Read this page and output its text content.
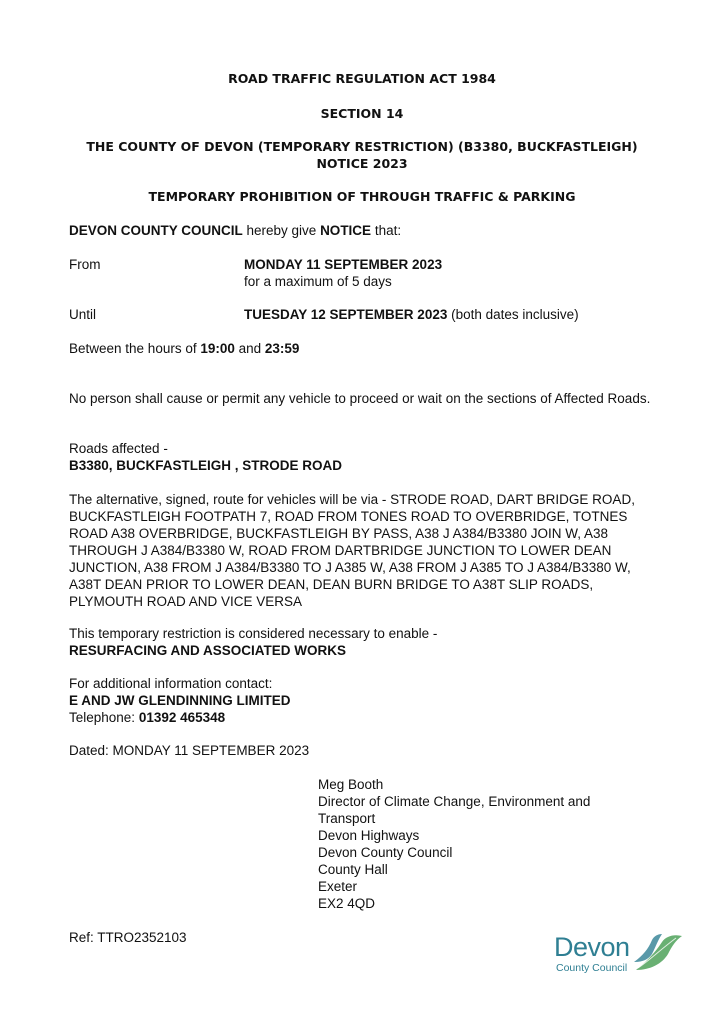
ROAD TRAFFIC REGULATION ACT 1984
SECTION 14
THE COUNTY OF DEVON (TEMPORARY RESTRICTION) (B3380, BUCKFASTLEIGH)
NOTICE 2023
TEMPORARY PROHIBITION OF THROUGH TRAFFIC & PARKING
DEVON COUNTY COUNCIL hereby give NOTICE that:
From	MONDAY 11 SEPTEMBER 2023
for a maximum of 5 days
Until	TUESDAY 12 SEPTEMBER 2023 (both dates inclusive)
Between the hours of 19:00 and 23:59
No person shall cause or permit any vehicle to proceed or wait on the sections of Affected Roads.
Roads affected -
B3380, BUCKFASTLEIGH , STRODE ROAD
The alternative, signed, route for vehicles will be via - STRODE ROAD, DART BRIDGE ROAD, BUCKFASTLEIGH FOOTPATH 7, ROAD FROM TONES ROAD TO OVERBRIDGE, TOTNES ROAD A38 OVERBRIDGE, BUCKFASTLEIGH BY PASS, A38 J A384/B3380 JOIN W, A38 THROUGH J A384/B3380 W, ROAD FROM DARTBRIDGE JUNCTION TO LOWER DEAN JUNCTION, A38 FROM J A384/B3380 TO J A385 W, A38 FROM J A385 TO J A384/B3380 W, A38T DEAN PRIOR TO LOWER DEAN, DEAN BURN BRIDGE TO A38T SLIP ROADS, PLYMOUTH ROAD AND VICE VERSA
This temporary restriction is considered necessary to enable -
RESURFACING AND ASSOCIATED WORKS
For additional information contact:
E AND JW GLENDINNING LIMITED
Telephone: 01392 465348
Dated: MONDAY 11 SEPTEMBER 2023
Meg Booth
Director of Climate Change, Environment and
Transport
Devon Highways
Devon County Council
County Hall
Exeter
EX2 4QD
Ref: TTRO2352103	Devon
County Council
